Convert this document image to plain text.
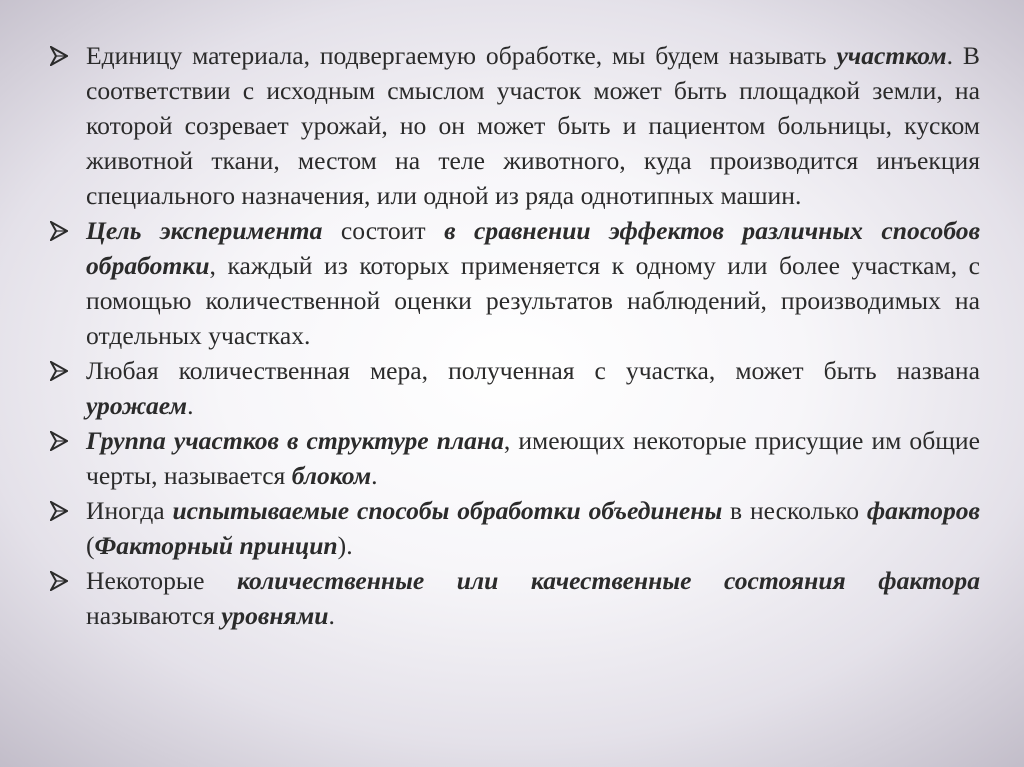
Единицу материала, подвергаемую обработке, мы будем называть участком. В соответствии с исходным смыслом участок может быть площадкой земли, на которой созревает урожай, но он может быть и пациентом больницы, куском животной ткани, местом на теле животного, куда производится инъекция специального назначения, или одной из ряда однотипных машин.
Цель эксперимента состоит в сравнении эффектов различных способов обработки, каждый из которых применяется к одному или более участкам, с помощью количественной оценки результатов наблюдений, производимых на отдельных участках.
Любая количественная мера, полученная с участка, может быть названа урожаем.
Группа участков в структуре плана, имеющих некоторые присущие им общие черты, называется блоком.
Иногда испытываемые способы обработки объединены в несколько факторов (Факторный принцип).
Некоторые количественные или качественные состояния фактора называются уровнями.
